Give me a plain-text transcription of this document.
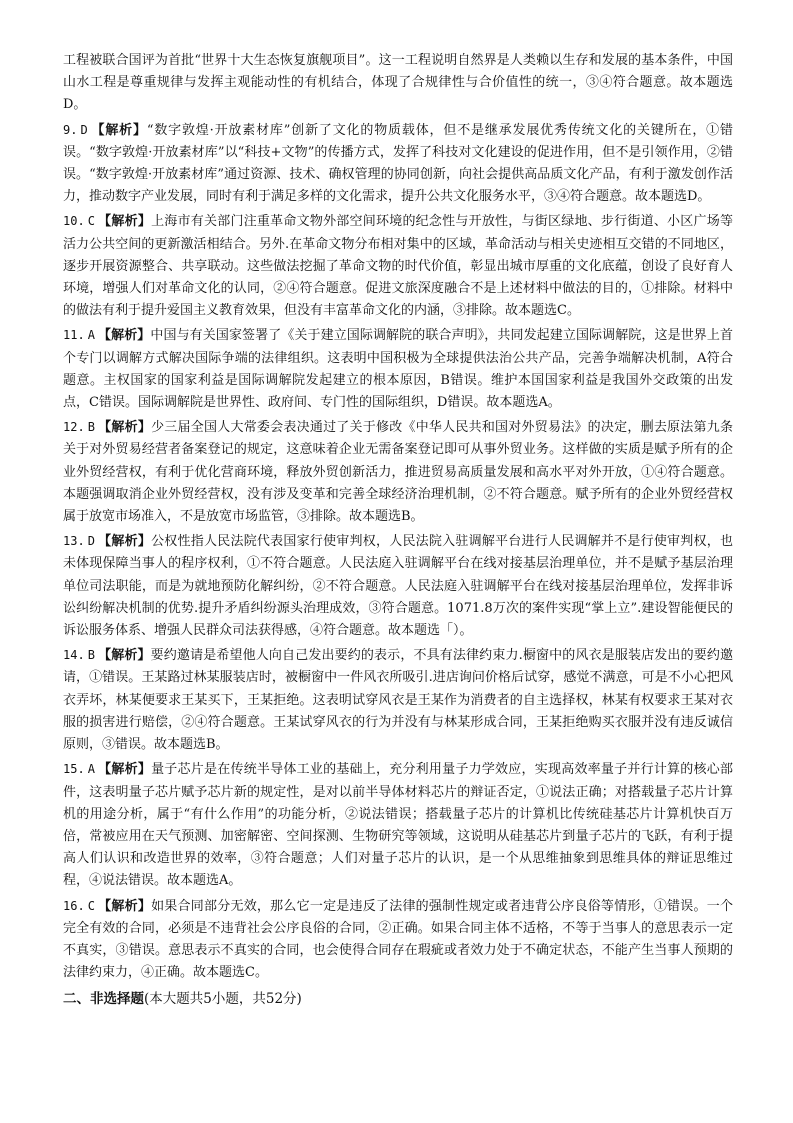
工程被联合国评为首批“世界十大生态恢复旗舰项目”。这一工程说明自然界是人类赖以生存和发展的基本条件，中国山水工程是尊重规律与发挥主观能动性的有机结合，体现了合规律性与合价值性的统一，③④符合题意。故本题选D。

9. D 【解析】“数字敦煌·开放素材库”创新了文化的物质载体，但不是继承发展优秀传统文化的关键所在，①错误。“数字敦煌·开放素材库”以“科技+文物”的传播方式，发挥了科技对文化建设的促进作用，但不是引领作用，②错误。“数字敦煌·开放素材库”通过资源、技术、确权管理的协同创新，向社会提供高品质文化产品，有利于激发创作活力，推动数字产业发展，同时有利于满足多样的文化需求，提升公共文化服务水平，③④符合题意。故本题选D。

10. C 【解析】上海市有关部门注重革命文物外部空间环境的纪念性与开放性，与街区绿地、步行街道、小区广场等活力公共空间的更新激活相结合。另外.在革命文物分布相对集中的区域，革命活动与相关史迹相互交错的不同地区，逐步开展资源整合、共享联动。这些做法挖掘了革命文物的时代价值，彰显出城市厚重的文化底蕴，创设了良好育人环境，增强人们对革命文化的认同，②④符合题意。促进文旅深度融合不是上述材料中做法的目的，①排除。材料中的做法有利于提升爱国主义教育效果，但没有丰富革命文化的内涵，③排除。故本题选C。

11. A 【解析】中国与有关国家签署了《关于建立国际调解院的联合声明》，共同发起建立国际调解院，这是世界上首个专门以调解方式解决国际争端的法律组织。这表明中国积极为全球提供法治公共产品，完善争端解决机制，A符合题意。主权国家的国家利益是国际调解院发起建立的根本原因，B错误。维护本国国家利益是我国外交政策的出发点，C错误。国际调解院是世界性、政府间、专门性的国际组织，D错误。故本题选A。

12. B 【解析】少三届全国人大常委会表决通过了关于修改《中华人民共和国对外贸易法》的决定，删去原法第九条关于对外贸易经营者备案登记的规定，这意味着企业无需备案登记即可从事外贸业务。这样做的实质是赋予所有的企业外贸经营权，有利于优化营商环境，释放外贸创新活力，推进贸易高质量发展和高水平对外开放，①④符合题意。本题强调取消企业外贸经营权，没有涉及变革和完善全球经济治理机制，②不符合题意。赋予所有的企业外贸经营权属于放宽市场准入，不是放宽市场监管，③排除。故本题选B。

13. D 【解析】公权性指人民法院代表国家行使审判权，人民法院入驻调解平台进行人民调解并不是行使审判权，也未体现保障当事人的程序权利，①不符合题意。人民法庭入驻调解平台在线对接基层治理单位，并不是赋予基层治理单位司法职能，而是为就地预防化解纠纷，②不符合题意。人民法庭入驻调解平台在线对接基层治理单位，发挥非诉讼纠纷解决机制的优势.提升矛盾纠纷源头治理成效，③符合题意。1071.8万次的案件实现“掌上立”.建设智能便民的诉讼服务体系、增强人民群众司法获得感，④符合题意。故本题选「）。

14. B 【解析】要约邀请是希望他人向自己发出要约的表示，不具有法律约束力.橱窗中的风衣是服装店发出的要约邀请，①错误。王某路过林某服装店时，被橱窗中一件风衣所吸引.进店询问价格后试穿，感觉不满意，可是不小心把风衣弄坏，林某便要求王某买下，王某拒绝。这表明试穿风衣是王某作为消费者的自主选择权，林某有权要求王某对衣服的损害进行赔偿，②④符合题意。王某试穿风衣的行为并没有与林某形成合同，王某拒绝购买衣服并没有违反诚信原则，③错误。故本题选B。

15. A 【解析】量子芯片是在传统半导体工业的基础上，充分利用量子力学效应，实现高效率量子并行计算的核心部件，这表明量子芯片赋予芯片新的规定性，是对以前半导体材料芯片的辩证否定，①说法正确；对搭载量子芯片计算机的用途分析，属于“有什么作用”的功能分析，②说法错误；搭载量子芯片的计算机比传统硅基芯片计算机快百万倍，常被应用在天气预测、加密解密、空间探测、生物研究等领域，这说明从硅基芯片到量子芯片的飞跃，有利于提高人们认识和改造世界的效率，③符合题意；人们对量子芯片的认识，是一个从思维抽象到思维具体的辩证思维过程，④说法错误。故本题选A。

16. C 【解析】如果合同部分无效，那么它一定是违反了法律的强制性规定或者违背公序良俗等情形，①错误。一个完全有效的合同，必须是不违背社会公序良俗的合同，②正确。如果合同主体不适格，不等于当事人的意思表示一定不真实，③错误。意思表示不真实的合同，也会使得合同存在瑕疵或者效力处于不确定状态，不能产生当事人预期的法律约束力，④正确。故本题选C。

二、非选择题(本大题共5小题，共52分)
